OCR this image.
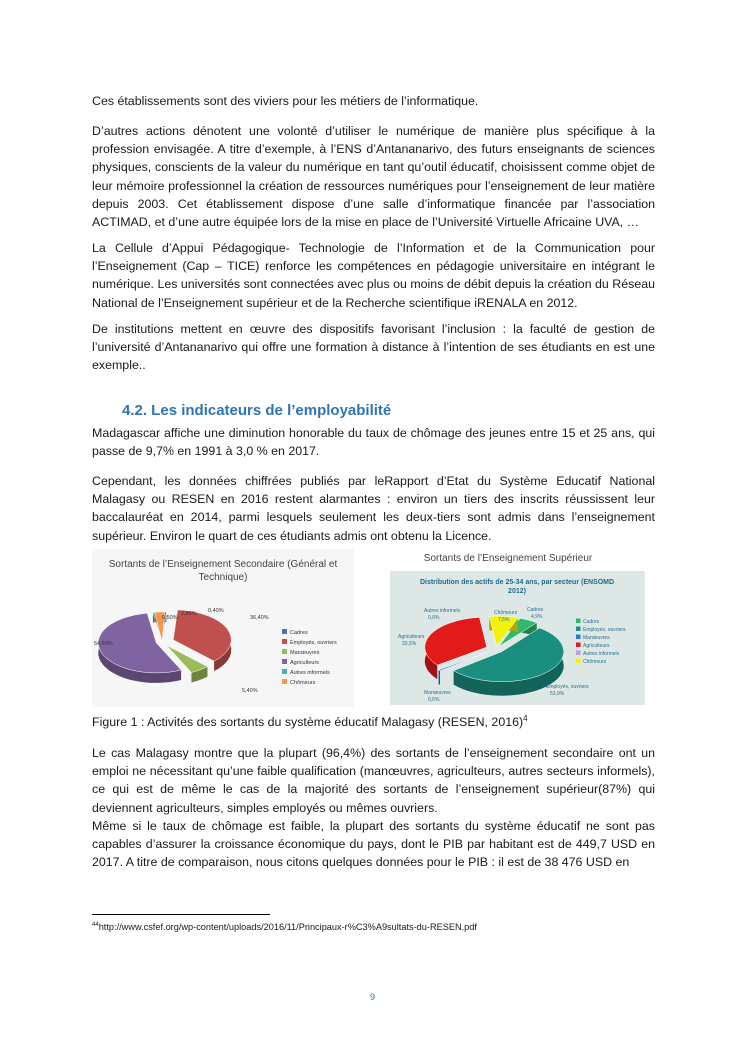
Ces établissements sont des viviers pour les métiers de l’informatique.

D’autres actions dénotent une volonté d’utiliser le numérique de manière plus spécifique à la profession envisagée. A titre d’exemple, à l’ENS d’Antananarivo, des futurs enseignants de sciences physiques, conscients de la valeur du numérique en tant qu’outil éducatif, choisissent comme objet de leur mémoire professionnel la création de ressources numériques pour l’enseignement de leur matière depuis 2003. Cet établissement dispose d’une salle d’informatique financée par l’association ACTIMAD, et d’une autre équipée lors de la mise en place de l’Université Virtuelle Africaine UVA, …

La Cellule d’Appui Pédagogique- Technologie de l’Information et de la Communication pour l’Enseignement (Cap – TICE) renforce les compétences en pédagogie universitaire en intégrant le numérique. Les universités sont connectées avec plus ou moins de débit depuis la création du Réseau National de l’Enseignement supérieur et de la Recherche scientifique iRENALA en 2012.

De institutions mettent en œuvre des dispositifs favorisant l’inclusion : la faculté de gestion de l’université d’Antananarivo qui offre une formation à distance à l’intention de ses étudiants en est une exemple..

4.2. Les indicateurs de l’employabilité

Madagascar affiche une diminution honorable du taux de chômage des jeunes entre 15 et 25 ans, qui passe de 9,7% en 1991 à 3,0 % en 2017.

Cependant, les données chiffrées publiés par leRapport d’Etat du Système Educatif National Malagasy ou RESEN en 2016 restent alarmantes : environ un tiers des inscrits réussissent leur baccalauréat en 2014, parmi lesquels seulement les deux-tiers sont admis dans l’enseignement supérieur. Environ le quart de ces étudiants admis ont obtenu la Licence.

Sortants de l’Enseignement Secondaire (Général et
Technique)
0,40%
36,40%
5,40%
54,60%
0,50%
2,80%
Cadres
Employés, ouvriers
Manœuvres
Agriculteurs
Autres informels
Chômeurs
Sortants de l’Enseignement Supérieur
Distribution des actifs de 25-34 ans, par secteur (ENSOMD
2012)
Cadres
4,9%
Chômeurs
7,5%
Autres informels
0,0%
Agriculteurs
33,5%
Manœuvres
0,6%
Employés, ouvriers
53,9%
Cadres
Employés, ouvriers
Manœuvres
Agriculteurs
Autres informels
Chômeurs

Figure 1 : Activités des sortants du système éducatif Malagasy (RESEN, 2016)$^4$

Le cas Malagasy montre que la plupart (96,4%) des sortants de l’enseignement secondaire ont un emploi ne nécessitant qu’une faible qualification (manœuvres, agriculteurs, autres secteurs informels), ce qui est de même le cas de la majorité des sortants de l’enseignement supérieur(87%) qui deviennent agriculteurs, simples employés ou mêmes ouvriers.

Même si le taux de chômage est faible, la plupart des sortants du système éducatif ne sont pas capables d’assurer la croissance économique du pays, dont le PIB par habitant est de 449,7 USD en 2017. A titre de comparaison, nous citons quelques données pour le PIB : il est de 38 476 USD en

$^{44}$http://www.csfef.org/wp-content/uploads/2016/11/Principaux-r%C3%A9sultats-du-RESEN.pdf

9
